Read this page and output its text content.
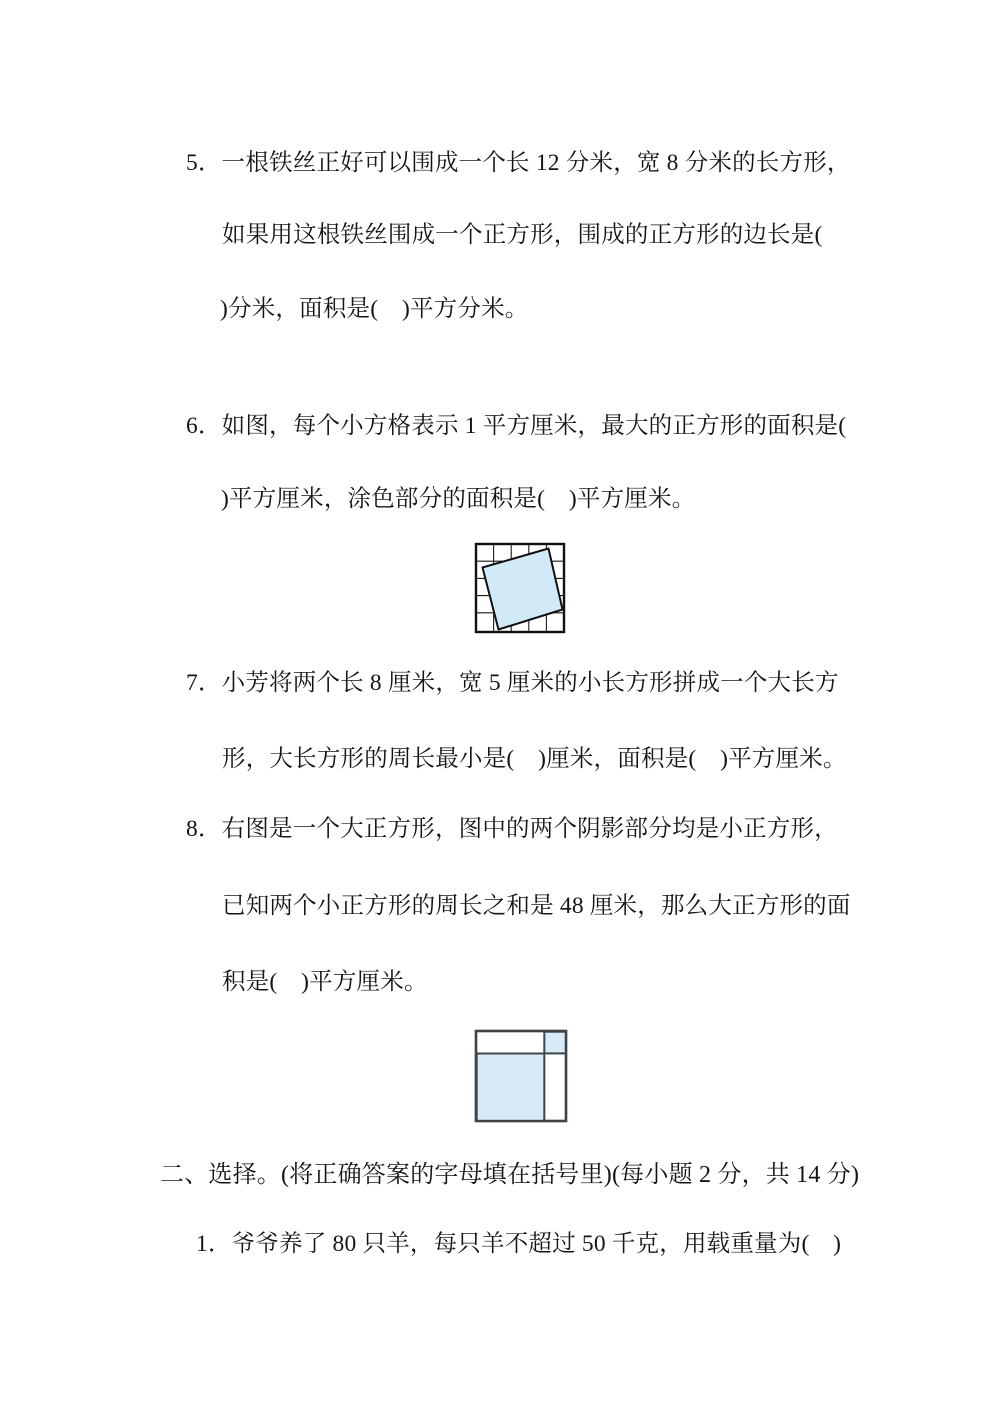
5．一根铁丝正好可以围成一个长 12 分米，宽 8 分米的长方形，
如果用这根铁丝围成一个正方形，围成的正方形的边长是(
)分米，面积是(　)平方分米。
6．如图，每个小方格表示 1 平方厘米，最大的正方形的面积是(
)平方厘米，涂色部分的面积是(　)平方厘米。
7．小芳将两个长 8 厘米，宽 5 厘米的小长方形拼成一个大长方
形，大长方形的周长最小是(　)厘米，面积是(　)平方厘米。
8．右图是一个大正方形，图中的两个阴影部分均是小正方形，
已知两个小正方形的周长之和是 48 厘米，那么大正方形的面
积是(　)平方厘米。
二、选择。(将正确答案的字母填在括号里)(每小题 2 分，共 14 分)
1．爷爷养了 80 只羊，每只羊不超过 50 千克，用载重量为(　)
